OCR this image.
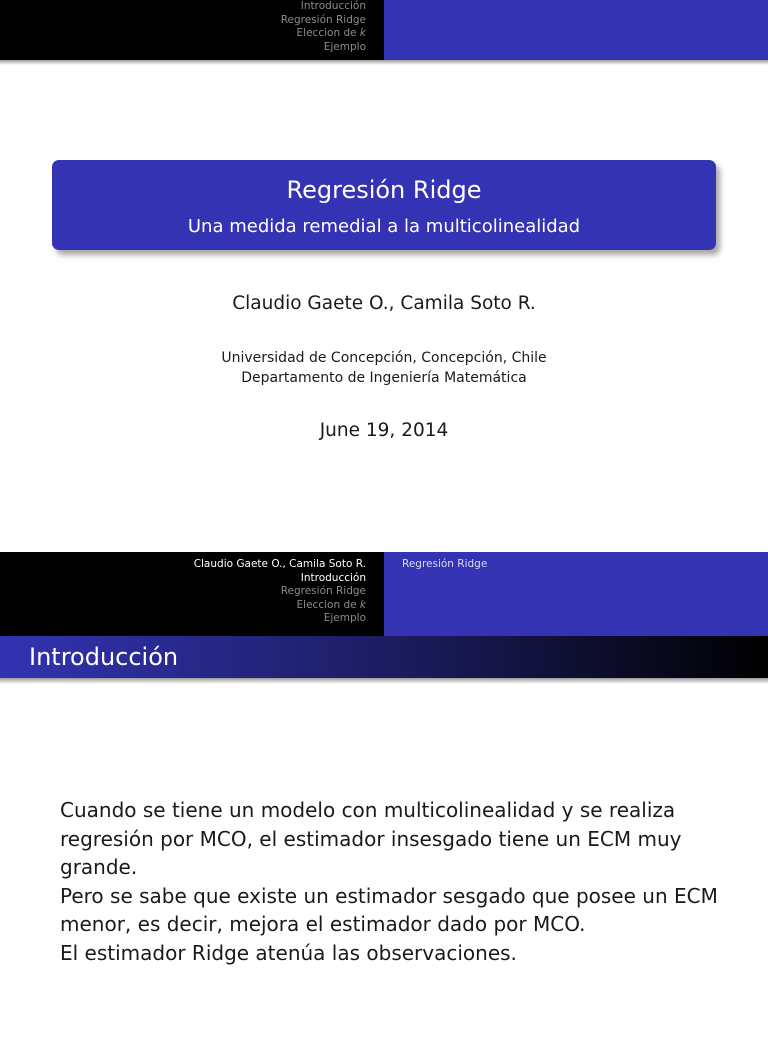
Introducción
Regresión Ridge
Eleccion de k
Ejemplo
Regresión Ridge
Una medida remedial a la multicolinealidad
Claudio Gaete O., Camila Soto R.
Universidad de Concepción, Concepción, Chile
Departamento de Ingeniería Matemática
June 19, 2014
Claudio Gaete O., Camila Soto R.
Introducción
Regresión Ridge
Eleccion de k
Ejemplo
Regresión Ridge
Introducción

Cuando se tiene un modelo con multicolinealidad y se realiza regresión por MCO, el estimador insesgado tiene un ECM muy grande.

Pero se sabe que existe un estimador sesgado que posee un ECM menor, es decir, mejora el estimador dado por MCO.

El estimador Ridge atenúa las observaciones.
